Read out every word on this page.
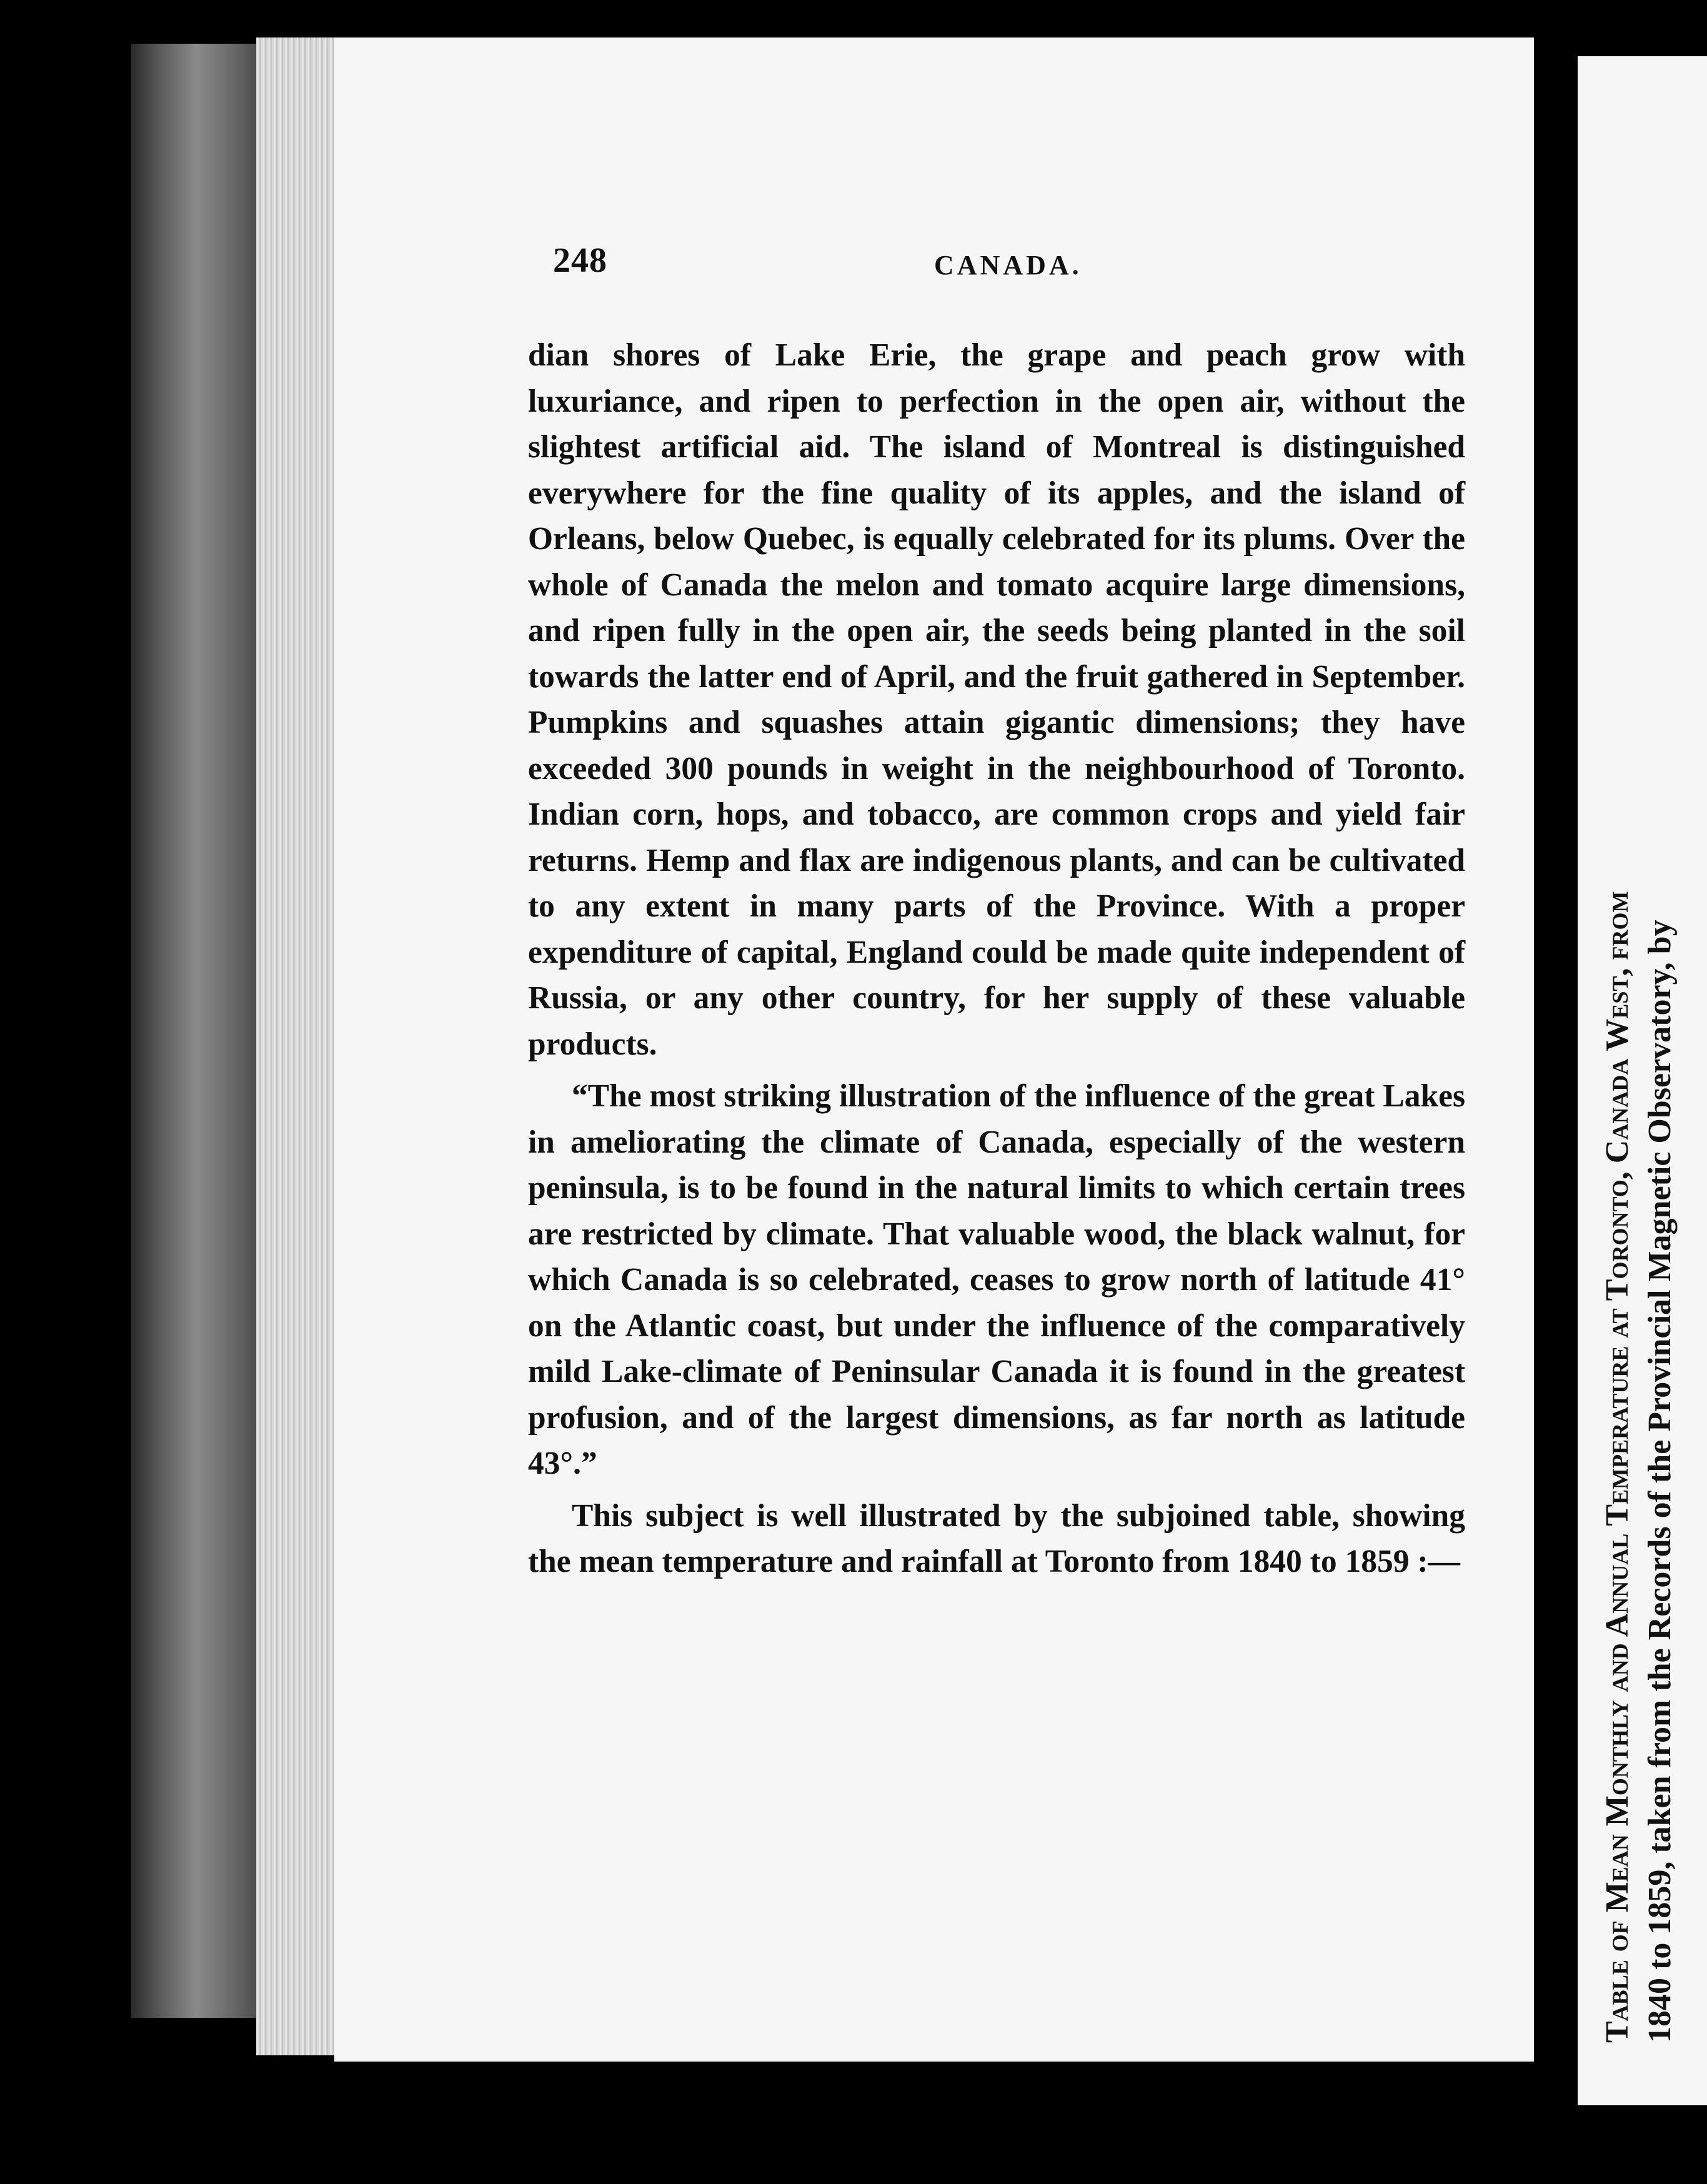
248	CANADA.

dian shores of Lake Erie, the grape and peach grow with luxuriance, and ripen to perfection in the open air, without the slightest artificial aid. The island of Montreal is distinguished everywhere for the fine quality of its apples, and the island of Orleans, below Quebec, is equally celebrated for its plums. Over the whole of Canada the melon and tomato acquire large dimensions, and ripen fully in the open air, the seeds being planted in the soil towards the latter end of April, and the fruit gathered in September. Pumpkins and squashes attain gigantic dimensions; they have exceeded 300 pounds in weight in the neighbourhood of Toronto. Indian corn, hops, and tobacco, are common crops and yield fair returns. Hemp and flax are indigenous plants, and can be cultivated to any extent in many parts of the Province. With a proper expenditure of capital, England could be made quite independent of Russia, or any other country, for her supply of these valuable products.

“The most striking illustration of the influence of the great Lakes in ameliorating the climate of Canada, especially of the western peninsula, is to be found in the natural limits to which certain trees are restricted by climate. That valuable wood, the black walnut, for which Canada is so celebrated, ceases to grow north of latitude 41° on the Atlantic coast, but under the influence of the comparatively mild Lake-climate of Peninsular Canada it is found in the greatest profusion, and of the largest dimensions, as far north as latitude 43°.”

This subject is well illustrated by the subjoined table, showing the mean temperature and rainfall at Toronto from 1840 to 1859 :—	Table of Mean Monthly and Annual Temperature at Toronto, Canada West, from 1840 to 1859, taken from the Records of the Provincial Magnetic Observatory, by
